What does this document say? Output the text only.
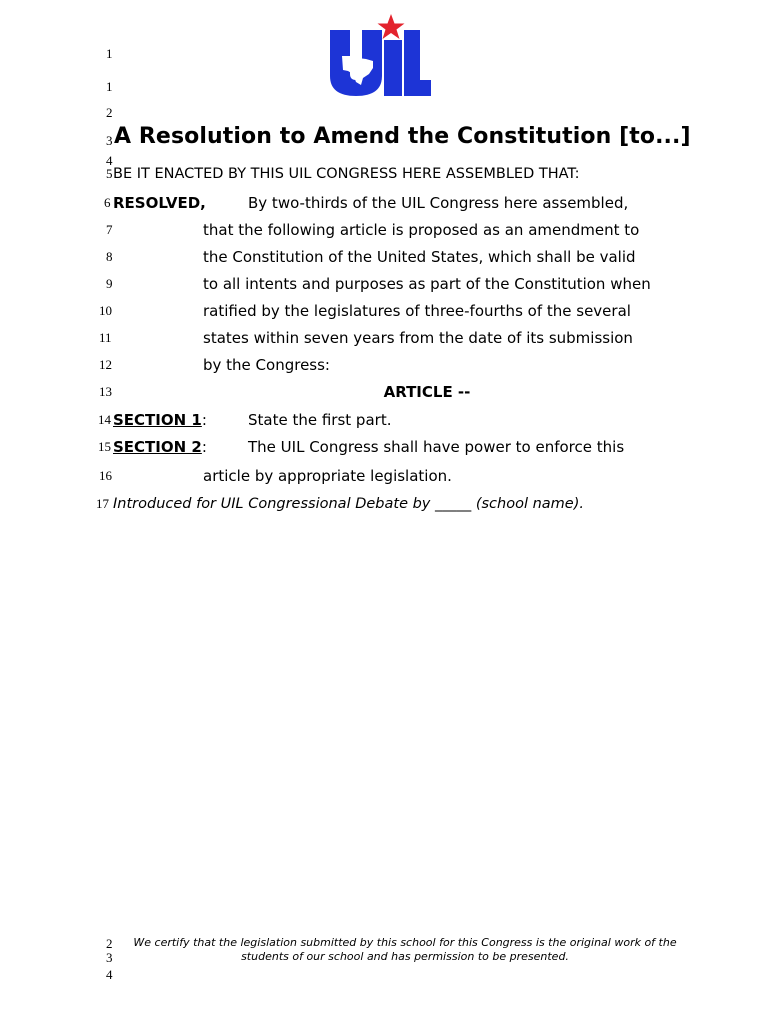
1
1
2
3
4
5
6
7
8
9
10
11
12
13
14
15
16
17
A Resolution to Amend the Constitution [to...]
BE IT ENACTED BY THIS UIL CONGRESS HERE ASSEMBLED THAT:
RESOLVED,	By two-thirds of the UIL Congress here assembled,
that the following article is proposed as an amendment to
the Constitution of the United States, which shall be valid
to all intents and purposes as part of the Constitution when
ratified by the legislatures of three-fourths of the several
states within seven years from the date of its submission
by the Congress:
ARTICLE --
SECTION 1:	State the first part.
SECTION 2:	The UIL Congress shall have power to enforce this
article by appropriate legislation.
Introduced for UIL Congressional Debate by _____ (school name).
2
3
4
We certify that the legislation submitted by this school for this Congress is the original work of the
students of our school and has permission to be presented.
